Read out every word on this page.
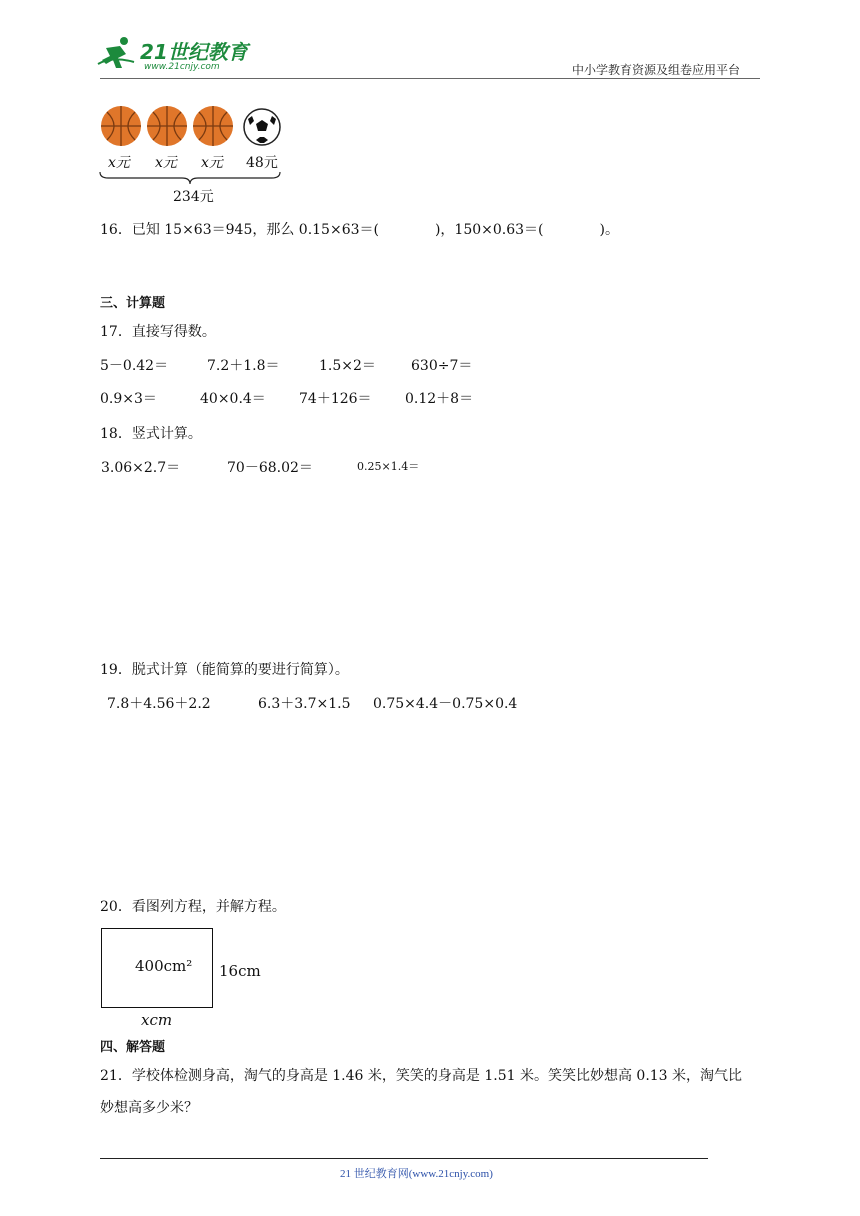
21世纪教育
www.21cnjy.com	中小学教育资源及组卷应用平台
x元 x元 x元 48元
234元
16．已知 15×63＝945，那么 0.15×63＝(　　　　)，150×0.63＝(　　　　)。
三、计算题
17．直接写得数。
5－0.42＝	7.2＋1.8＝	1.5×2＝	630÷7＝
0.9×3＝	40×0.4＝ 74＋126＝ 0.12＋8＝
18．竖式计算。
3.06×2.7＝	70－68.02＝	0.25×1.4＝
19．脱式计算（能简算的要进行简算）。
7.8＋4.56＋2.2	6.3＋3.7×1.5 0.75×4.4－0.75×0.4
20．看图列方程，并解方程。
400cm² 16cm
xcm
四、解答题
21．学校体检测身高，淘气的身高是 1.46 米，笑笑的身高是 1.51 米。笑笑比妙想高 0.13 米，淘气比
妙想高多少米？
21 世纪教育网(www.21cnjy.com)
